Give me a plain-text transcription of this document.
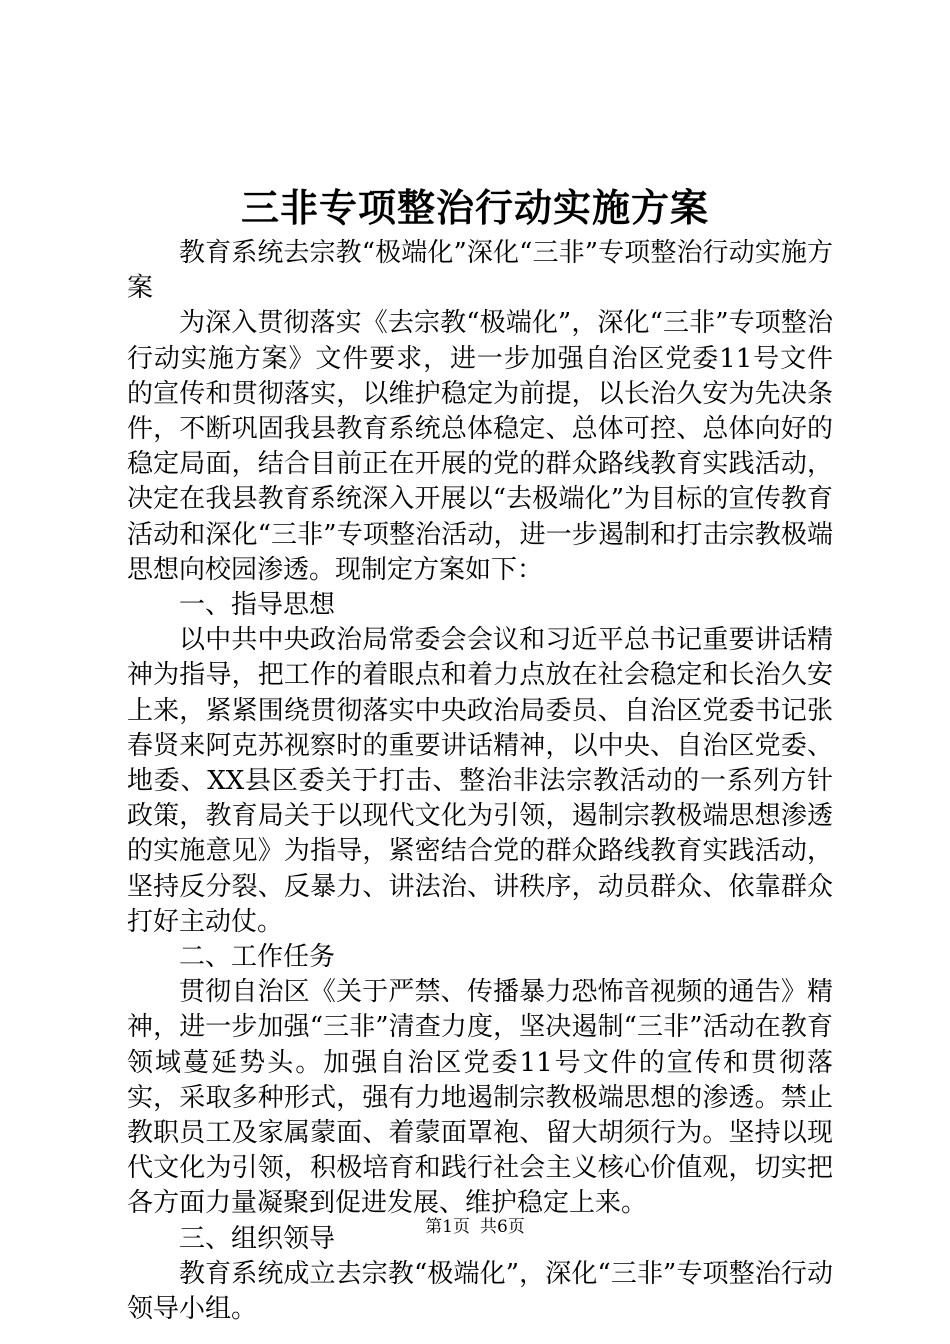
三非专项整治行动实施方案

教育系统去宗教“极端化”深化“三非”专项整治行动实施方案

为深入贯彻落实《去宗教“极端化”，深化“三非”专项整治行动实施方案》文件要求，进一步加强自治区党委11号文件的宣传和贯彻落实，以维护稳定为前提，以长治久安为先决条件，不断巩固我县教育系统总体稳定、总体可控、总体向好的稳定局面，结合目前正在开展的党的群众路线教育实践活动，决定在我县教育系统深入开展以“去极端化”为目标的宣传教育活动和深化“三非”专项整治活动，进一步遏制和打击宗教极端思想向校园渗透。现制定方案如下：

一、指导思想

以中共中央政治局常委会会议和习近平总书记重要讲话精神为指导，把工作的着眼点和着力点放在社会稳定和长治久安上来，紧紧围绕贯彻落实中央政治局委员、自治区党委书记张春贤来阿克苏视察时的重要讲话精神，以中央、自治区党委、地委、XX县区委关于打击、整治非法宗教活动的一系列方针政策，教育局关于以现代文化为引领，遏制宗教极端思想渗透的实施意见》为指导，紧密结合党的群众路线教育实践活动，坚持反分裂、反暴力、讲法治、讲秩序，动员群众、依靠群众打好主动仗。

二、工作任务

贯彻自治区《关于严禁、传播暴力恐怖音视频的通告》精神，进一步加强“三非”清查力度，坚决遏制“三非”活动在教育领域蔓延势头。加强自治区党委11号文件的宣传和贯彻落实，采取多种形式，强有力地遏制宗教极端思想的渗透。禁止教职员工及家属蒙面、着蒙面罩袍、留大胡须行为。坚持以现代文化为引领，积极培育和践行社会主义核心价值观，切实把各方面力量凝聚到促进发展、维护稳定上来。

三、组织领导

教育系统成立去宗教“极端化”，深化“三非”专项整治行动领导小组。

第1页 共6页
